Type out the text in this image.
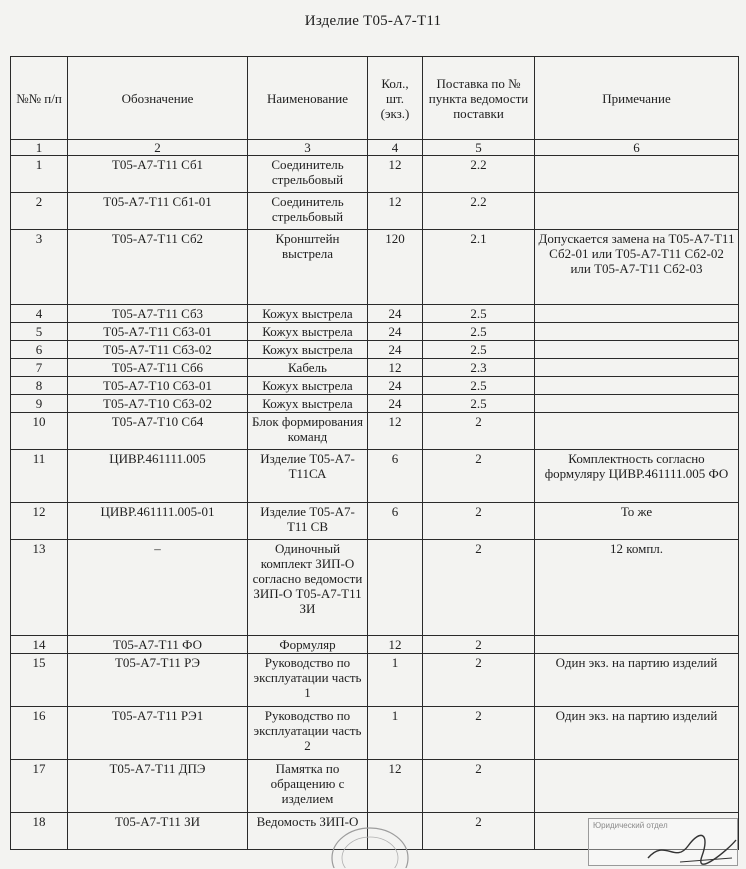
Изделие Т05-А7-Т11
№№ п/п	Обозначение	Наименование	Кол., шт. (экз.)	Поставка по № пункта ведомости поставки	Примечание
1	2	3	4	5	6
1	Т05-А7-Т11 Сб1	Соединитель стрельбовый	12	2.2	
2	Т05-А7-Т11 Сб1-01	Соединитель стрельбовый	12	2.2	
3	Т05-А7-Т11 Сб2	Кронштейн выстрела	120	2.1	Допускается замена на Т05-А7-Т11 Сб2-01 или Т05-А7-Т11 Сб2-02 или Т05-А7-Т11 Сб2-03
4	Т05-А7-Т11 Сб3	Кожух выстрела	24	2.5	
5	Т05-А7-Т11 Сб3-01	Кожух выстрела	24	2.5	
6	Т05-А7-Т11 Сб3-02	Кожух выстрела	24	2.5	
7	Т05-А7-Т11 Сб6	Кабель	12	2.3	
8	Т05-А7-Т10 Сб3-01	Кожух выстрела	24	2.5	
9	Т05-А7-Т10 Сб3-02	Кожух выстрела	24	2.5	
10	Т05-А7-Т10 Сб4	Блок формирования команд	12	2	
11	ЦИВР.461111.005	Изделие Т05-А7-Т11СА	6	2	Комплектность согласно формуляру ЦИВР.461111.005 ФО
12	ЦИВР.461111.005-01	Изделие Т05-А7-Т11 СВ	6	2	То же
13	–	Одиночный комплект ЗИП-О согласно ведомости ЗИП-О Т05-А7-Т11 ЗИ		2	12 компл.
14	Т05-А7-Т11 ФО	Формуляр	12	2	
15	Т05-А7-Т11 РЭ	Руководство по эксплуатации часть 1	1	2	Один экз. на партию изделий
16	Т05-А7-Т11 РЭ1	Руководство по эксплуатации часть 2	1	2	Один экз. на партию изделий
17	Т05-А7-Т11 ДПЭ	Памятка по обращению с изделием	12	2	
18	Т05-А7-Т11 ЗИ	Ведомость ЗИП-О		2		Юридический отдел
